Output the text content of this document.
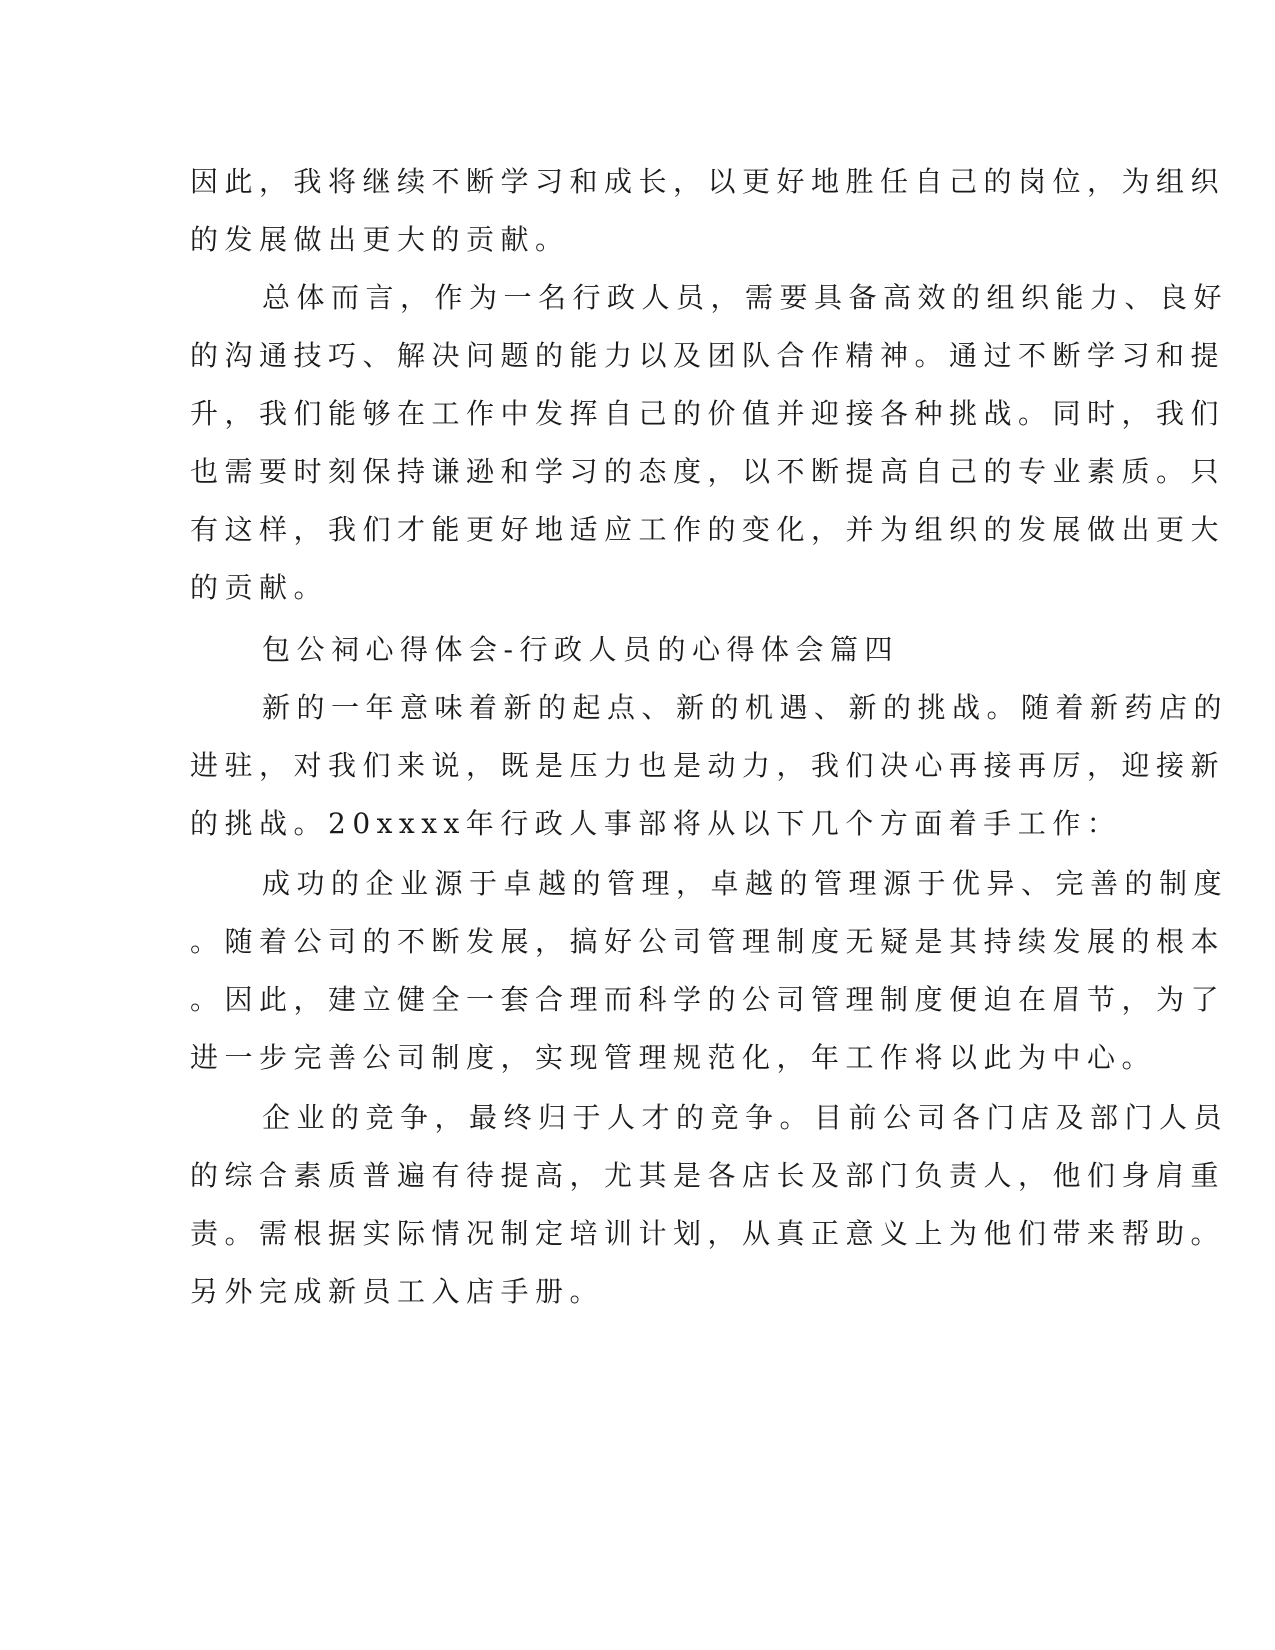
因此，我将继续不断学习和成长，以更好地胜任自己的岗位，为组织
的发展做出更大的贡献。
总体而言，作为一名行政人员，需要具备高效的组织能力、良好
的沟通技巧、解决问题的能力以及团队合作精神。通过不断学习和提
升，我们能够在工作中发挥自己的价值并迎接各种挑战。同时，我们
也需要时刻保持谦逊和学习的态度，以不断提高自己的专业素质。只
有这样，我们才能更好地适应工作的变化，并为组织的发展做出更大
的贡献。
包公祠心得体会-行政人员的心得体会篇四
新的一年意味着新的起点、新的机遇、新的挑战。随着新药店的
进驻，对我们来说，既是压力也是动力，我们决心再接再厉，迎接新
的挑战。20xxxx年行政人事部将从以下几个方面着手工作：
成功的企业源于卓越的管理，卓越的管理源于优异、完善的制度
。随着公司的不断发展，搞好公司管理制度无疑是其持续发展的根本
。因此，建立健全一套合理而科学的公司管理制度便迫在眉节，为了
进一步完善公司制度，实现管理规范化，年工作将以此为中心。
企业的竞争，最终归于人才的竞争。目前公司各门店及部门人员
的综合素质普遍有待提高，尤其是各店长及部门负责人，他们身肩重
责。需根据实际情况制定培训计划，从真正意义上为他们带来帮助。
另外完成新员工入店手册。
